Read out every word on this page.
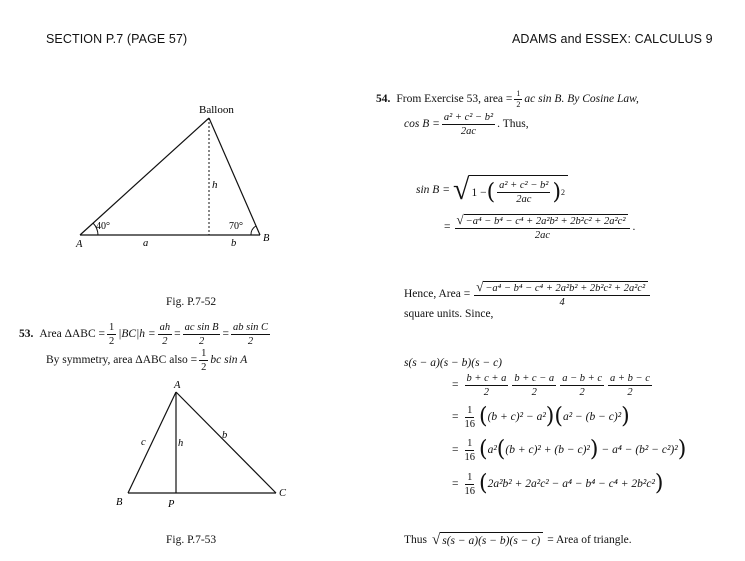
SECTION P.7 (PAGE 57)	ADAMS and ESSEX: CALCULUS 9
Balloon
h
40°	70°
A
B
a	b
Fig. P.7-52
53. Area $\Delta ABC = \frac{1}{2} |BC|h = \frac{ah}{2} = \frac{\text{ac sin B}}{2} = \frac{\text{ab sin C}}{2}$
By symmetry, area ΔABC also = $\frac{1}{2}$ bc sin A
A
B
C
P
c	h
b
Fig. P.7-53
54. From Exercise 53, area = $\frac{1}{2}$ ac sin B. By Cosine Law,
$\cos B = \frac{\text{a² + c² − b²}}{2ac}$ . Thus,
sin B = √ 1 − ( $\frac{\text{a² + c² − b²}}{2ac}$ ) 2
= $\frac{\text{√ −a⁴ − b⁴ − c⁴ + 2a²b² + 2b²c² + 2a²c²}}{2ac}$ .
Hence, Area = $\frac{\text{√ −a⁴ − b⁴ − c⁴ + 2a²b² + 2b²c² + 2a²c²}}{4}$
square units. Since,
s(s − a)(s − b)(s − c)
= $\frac{b + c + a}{2} \frac{b + c - a}{2} \frac{a - b + c}{2} \frac{a + b - c}{2}$
= $\frac{1}{16}$ ( (b + c)² − a² ) ( a² − (b − c)² )
= $\frac{1}{16}$ ( a² ( (b + c)² + (b − c)² ) − a⁴ − (b² − c²)² )
= $\frac{1}{16}$ ( 2a²b² + 2a²c² − a⁴ − b⁴ − c⁴ + 2b²c² )
Thus √ s(s − a)(s − b)(s − c) = Area of triangle.
